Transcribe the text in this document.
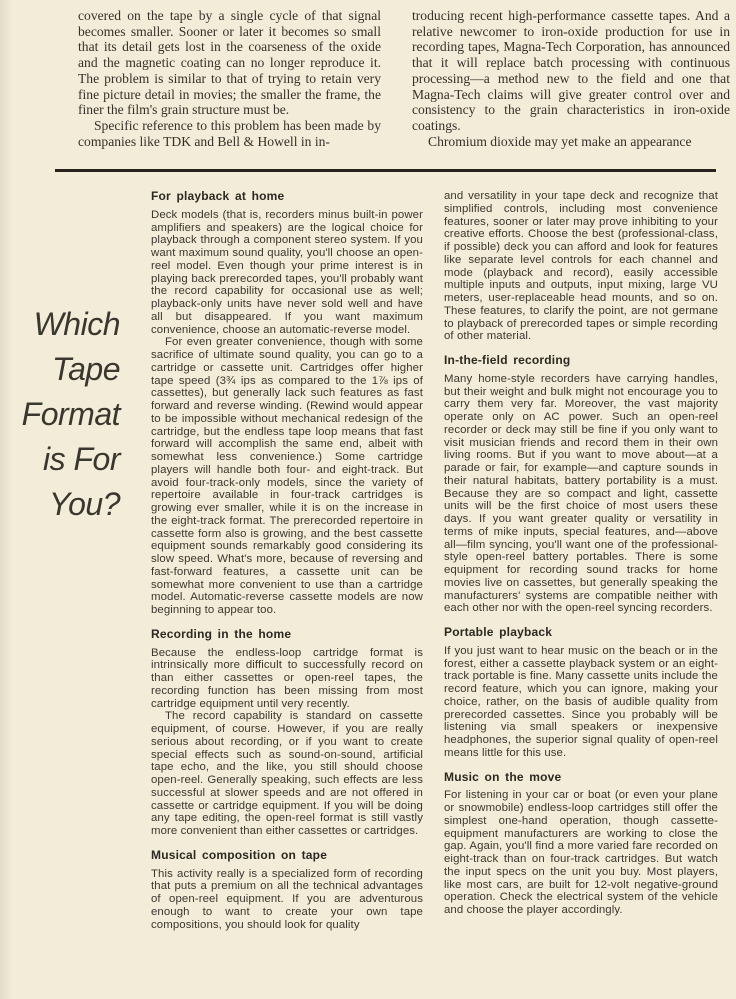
covered on the tape by a single cycle of that signal becomes smaller. Sooner or later it becomes so small that its detail gets lost in the coarseness of the oxide and the magnetic coating can no longer reproduce it. The problem is similar to that of trying to retain very fine picture detail in movies; the smaller the frame, the finer the film's grain structure must be.

Specific reference to this problem has been made by companies like TDK and Bell & Howell in in-

troducing recent high-performance cassette tapes. And a relative newcomer to iron-oxide production for use in recording tapes, Magna-Tech Corporation, has announced that it will replace batch processing with continuous processing—a method new to the field and one that Magna-Tech claims will give greater control over and consistency to the grain characteristics in iron-oxide coatings.

Chromium dioxide may yet make an appearance

Which
Tape
Format
is For
You?
For playback at home

Deck models (that is, recorders minus built-in power amplifiers and speakers) are the logical choice for playback through a component stereo system. If you want maximum sound quality, you'll choose an open-reel model. Even though your prime interest is in playing back prerecorded tapes, you'll probably want the record capability for occasional use as well; playback-only units have never sold well and have all but disappeared. If you want maximum convenience, choose an automatic-reverse model.

For even greater convenience, though with some sacrifice of ultimate sound quality, you can go to a cartridge or cassette unit. Cartridges offer higher tape speed (3¾ ips as compared to the 1⅞ ips of cassettes), but generally lack such features as fast forward and reverse winding. (Rewind would appear to be impossible without mechanical redesign of the cartridge, but the endless tape loop means that fast forward will accomplish the same end, albeit with somewhat less convenience.) Some cartridge players will handle both four- and eight-track. But avoid four-track-only models, since the variety of repertoire available in four-track cartridges is growing ever smaller, while it is on the increase in the eight-track format. The prerecorded repertoire in cassette form also is growing, and the best cassette equipment sounds remarkably good considering its slow speed. What's more, because of reversing and fast-forward features, a cassette unit can be somewhat more convenient to use than a cartridge model. Automatic-reverse cassette models are now beginning to appear too.

Recording in the home

Because the endless-loop cartridge format is intrinsically more difficult to successfully record on than either cassettes or open-reel tapes, the recording function has been missing from most cartridge equipment until very recently.

The record capability is standard on cassette equipment, of course. However, if you are really serious about recording, or if you want to create special effects such as sound-on-sound, artificial tape echo, and the like, you still should choose open-reel. Generally speaking, such effects are less successful at slower speeds and are not offered in cassette or cartridge equipment. If you will be doing any tape editing, the open-reel format is still vastly more convenient than either cassettes or cartridges.

Musical composition on tape

This activity really is a specialized form of recording that puts a premium on all the technical advantages of open-reel equipment. If you are adventurous enough to want to create your own tape compositions, you should look for quality

and versatility in your tape deck and recognize that simplified controls, including most convenience features, sooner or later may prove inhibiting to your creative efforts. Choose the best (professional-class, if possible) deck you can afford and look for features like separate level controls for each channel and mode (playback and record), easily accessible multiple inputs and outputs, input mixing, large VU meters, user-replaceable head mounts, and so on. These features, to clarify the point, are not germane to playback of prerecorded tapes or simple recording of other material.

In-the-field recording

Many home-style recorders have carrying handles, but their weight and bulk might not encourage you to carry them very far. Moreover, the vast majority operate only on AC power. Such an open-reel recorder or deck may still be fine if you only want to visit musician friends and record them in their own living rooms. But if you want to move about—at a parade or fair, for example—and capture sounds in their natural habitats, battery portability is a must. Because they are so compact and light, cassette units will be the first choice of most users these days. If you want greater quality or versatility in terms of mike inputs, special features, and—above all—film syncing, you'll want one of the professional-style open-reel battery portables. There is some equipment for recording sound tracks for home movies live on cassettes, but generally speaking the manufacturers' systems are compatible neither with each other nor with the open-reel syncing recorders.

Portable playback

If you just want to hear music on the beach or in the forest, either a cassette playback system or an eight-track portable is fine. Many cassette units include the record feature, which you can ignore, making your choice, rather, on the basis of audible quality from prerecorded cassettes. Since you probably will be listening via small speakers or inexpensive headphones, the superior signal quality of open-reel means little for this use.

Music on the move

For listening in your car or boat (or even your plane or snowmobile) endless-loop cartridges still offer the simplest one-hand operation, though cassette-equipment manufacturers are working to close the gap. Again, you'll find a more varied fare recorded on eight-track than on four-track cartridges. But watch the input specs on the unit you buy. Most players, like most cars, are built for 12-volt negative-ground operation. Check the electrical system of the vehicle and choose the player accordingly.
